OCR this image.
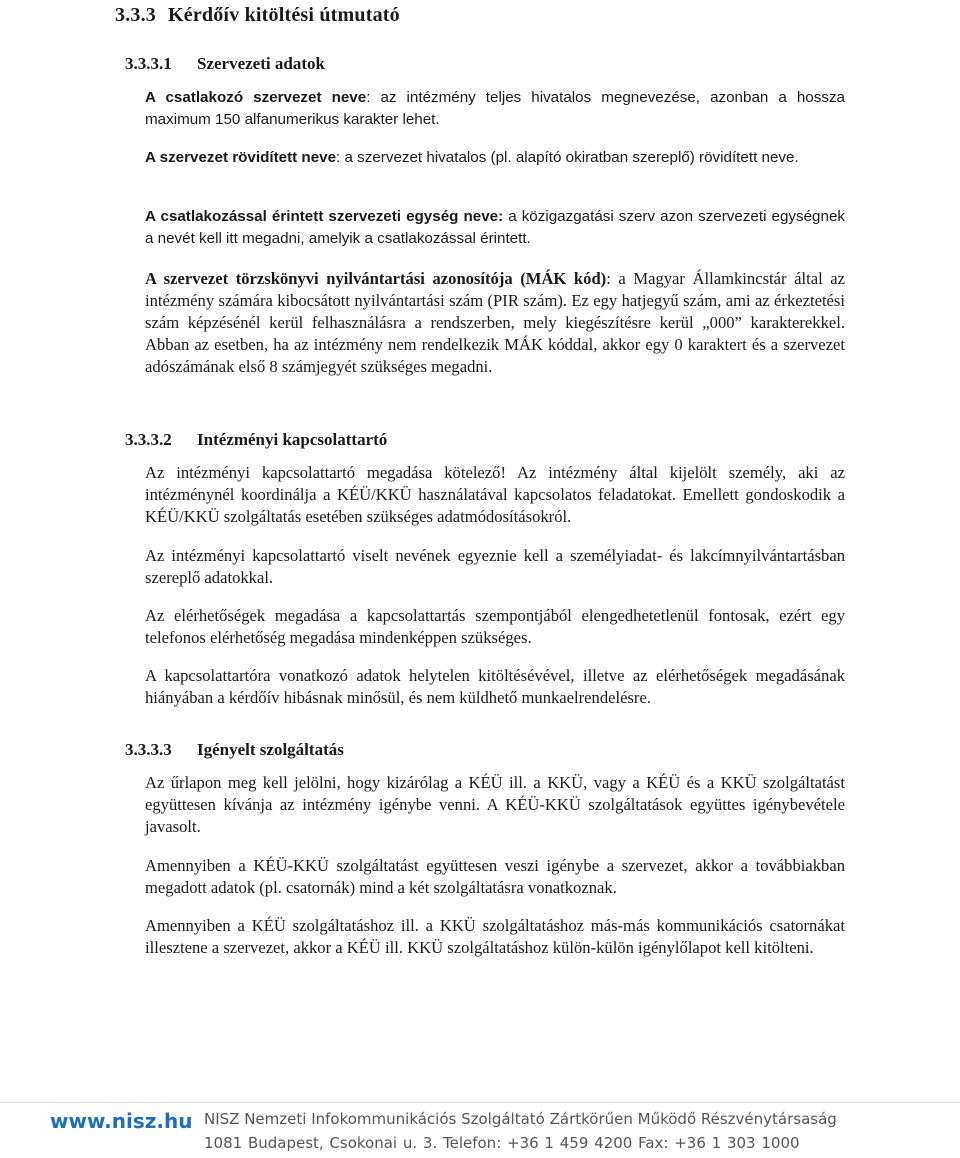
3.3.3 Kérdőív kitöltési útmutató
3.3.3.1 Szervezeti adatok

A csatlakozó szervezet neve: az intézmény teljes hivatalos megnevezése, azonban a hossza maximum 150 alfanumerikus karakter lehet.

A szervezet rövidített neve: a szervezet hivatalos (pl. alapító okiratban szereplő) rövidített neve.

A csatlakozással érintett szervezeti egység neve: a közigazgatási szerv azon szervezeti egységnek a nevét kell itt megadni, amelyik a csatlakozással érintett.

A szervezet törzskönyvi nyilvántartási azonosítója (MÁK kód): a Magyar Államkincstár által az intézmény számára kibocsátott nyilvántartási szám (PIR szám). Ez egy hatjegyű szám, ami az érkeztetési szám képzésénél kerül felhasználásra a rendszerben, mely kiegészítésre kerül „000” karakterekkel. Abban az esetben, ha az intézmény nem rendelkezik MÁK kóddal, akkor egy 0 karaktert és a szervezet adószámának első 8 számjegyét szükséges megadni.

3.3.3.2 Intézményi kapcsolattartó

Az intézményi kapcsolattartó megadása kötelező! Az intézmény által kijelölt személy, aki az intézménynél koordinálja a KÉÜ/KKÜ használatával kapcsolatos feladatokat. Emellett gondoskodik a KÉÜ/KKÜ szolgáltatás esetében szükséges adatmódosításokról.

Az intézményi kapcsolattartó viselt nevének egyeznie kell a személyiadat- és lakcímnyilvántartásban szereplő adatokkal.

Az elérhetőségek megadása a kapcsolattartás szempontjából elengedhetetlenül fontosak, ezért egy telefonos elérhetőség megadása mindenképpen szükséges.

A kapcsolattartóra vonatkozó adatok helytelen kitöltésévével, illetve az elérhetőségek megadásának hiányában a kérdőív hibásnak minősül, és nem küldhető munkaelrendelésre.

3.3.3.3 Igényelt szolgáltatás

Az űrlapon meg kell jelölni, hogy kizárólag a KÉÜ ill. a KKÜ, vagy a KÉÜ és a KKÜ szolgáltatást együttesen kívánja az intézmény igénybe venni. A KÉÜ-KKÜ szolgáltatások együttes igénybevétele javasolt.

Amennyiben a KÉÜ-KKÜ szolgáltatást együttesen veszi igénybe a szervezet, akkor a továbbiakban megadott adatok (pl. csatornák) mind a két szolgáltatásra vonatkoznak.

Amennyiben a KÉÜ szolgáltatáshoz ill. a KKÜ szolgáltatáshoz más-más kommunikációs csatornákat illesztene a szervezet, akkor a KÉÜ ill. KKÜ szolgáltatáshoz külön-külön igénylőlapot kell kitölteni.

www.nisz.hu NISZ Nemzeti Infokommunikációs Szolgáltató Zártkörűen Működő Részvénytársaság
1081 Budapest, Csokonai u. 3. Telefon: +36 1 459 4200 Fax: +36 1 303 1000
